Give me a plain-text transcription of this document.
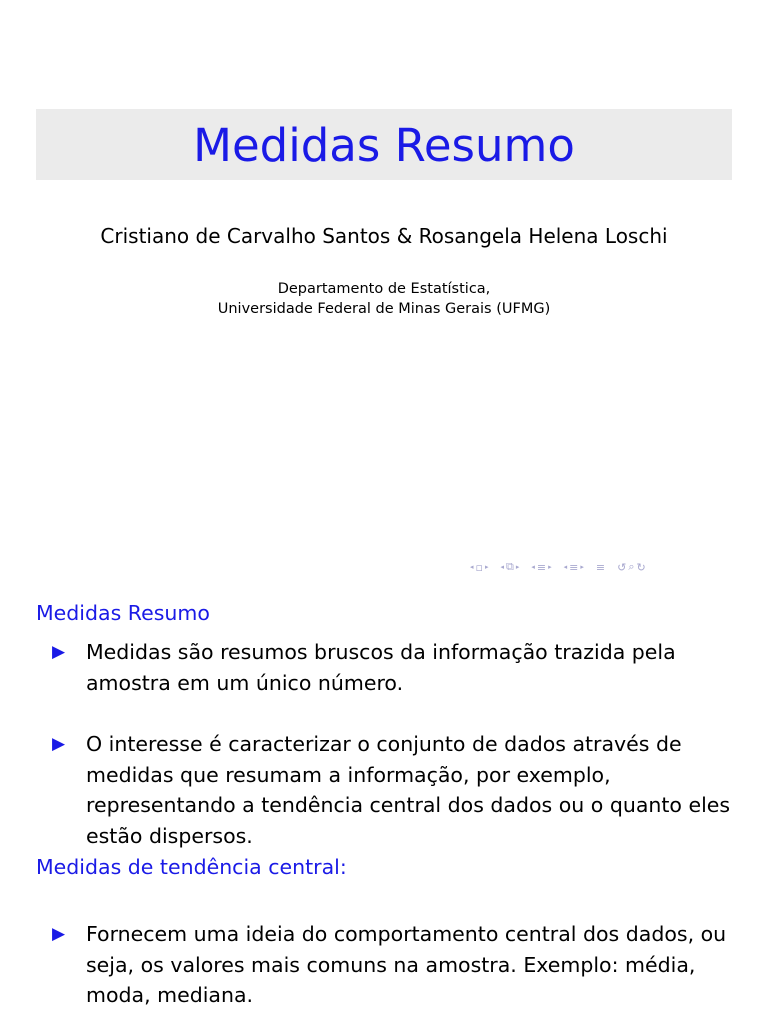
Medidas Resumo
Cristiano de Carvalho Santos & Rosangela Helena Loschi
Departamento de Estatística,
Universidade Federal de Minas Gerais (UFMG)
◂ ▫ ▸ ◂ ⧉ ▸ ◂ ≡ ▸ ◂ ≡ ▸ ≡ ↺ ⌕ ↻
Medidas Resumo
▶	Medidas são resumos bruscos da informação trazida pela amostra em um único número.
▶	O interesse é caracterizar o conjunto de dados através de medidas que resumam a informação, por exemplo, representando a tendência central dos dados ou o quanto eles estão dispersos.
Medidas de tendência central:
▶	Fornecem uma ideia do comportamento central dos dados, ou seja, os valores mais comuns na amostra. Exemplo: média, moda, mediana.
